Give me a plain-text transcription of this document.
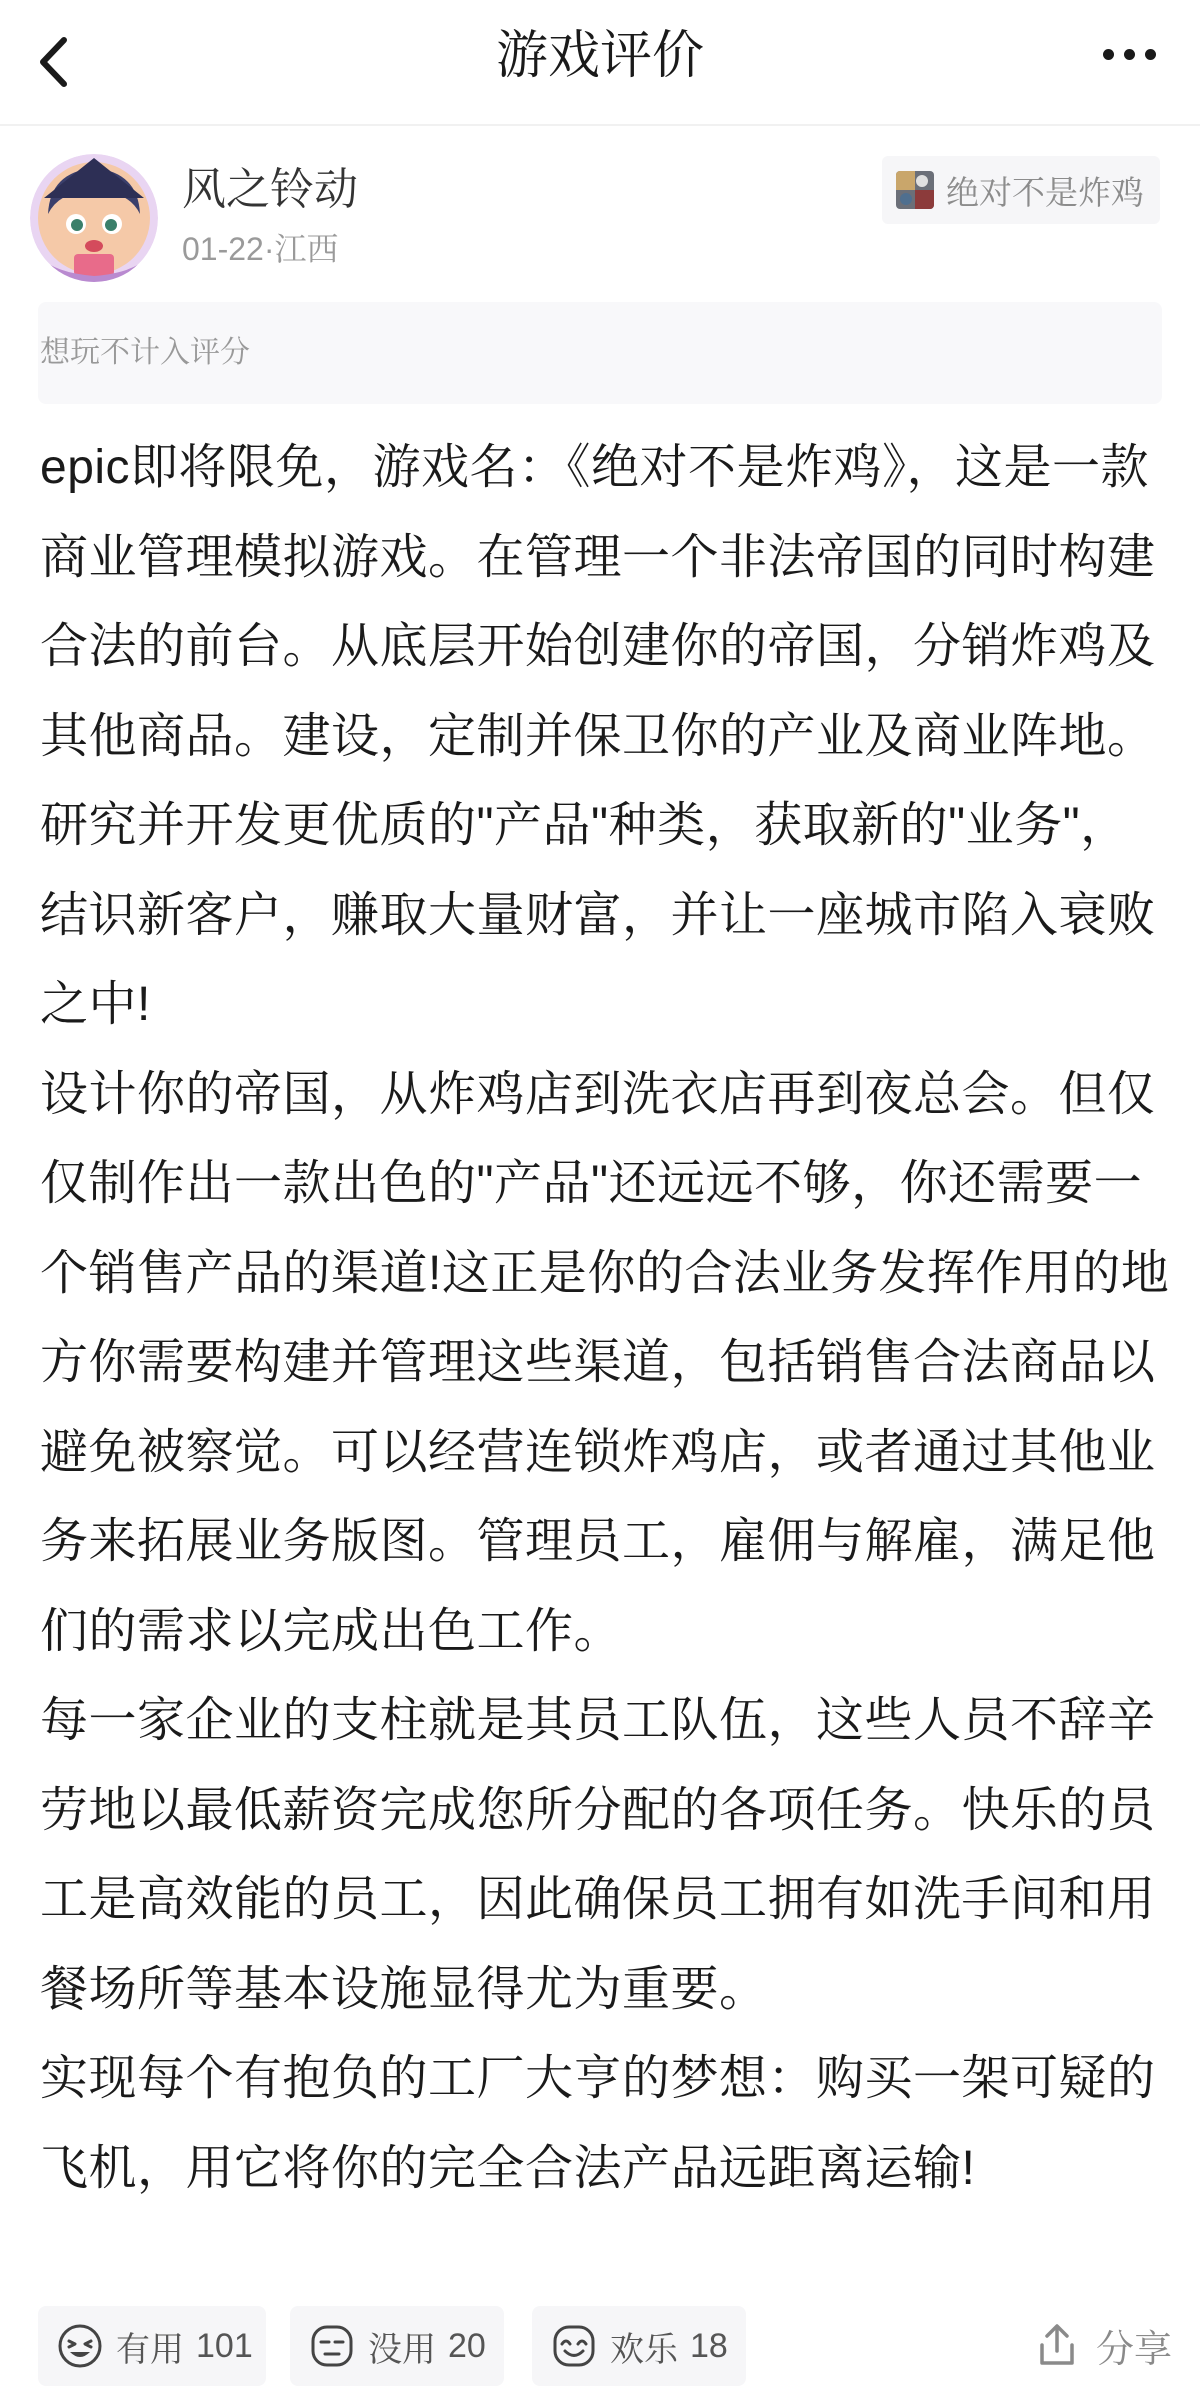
游戏评价
风之铃动
01-22·江西
绝对不是炸鸡
想玩不计入评分

epic即将限免，游戏名：《绝对不是炸鸡》，这是一款商业管理模拟游戏。在管理一个非法帝国的同时构建合法的前台。从底层开始创建你的帝国，分销炸鸡及其他商品。建设，定制并保卫你的产业及商业阵地。研究并开发更优质的"产品"种类，获取新的"业务"，结识新客户，赚取大量财富，并让一座城市陷入衰败之中!

设计你的帝国，从炸鸡店到洗衣店再到夜总会。但仅仅制作出一款出色的"产品"还远远不够，你还需要一个销售产品的渠道!这正是你的合法业务发挥作用的地方你需要构建并管理这些渠道，包括销售合法商品以避免被察觉。可以经营连锁炸鸡店，或者通过其他业务来拓展业务版图。管理员工，雇佣与解雇，满足他们的需求以完成出色工作。

每一家企业的支柱就是其员工队伍，这些人员不辞辛劳地以最低薪资完成您所分配的各项任务。快乐的员工是高效能的员工，因此确保员工拥有如洗手间和用餐场所等基本设施显得尤为重要。

实现每个有抱负的工厂大亨的梦想：购买一架可疑的飞机，用它将你的完全合法产品远距离运输!

有用 101	没用 20	欢乐 18	分享
